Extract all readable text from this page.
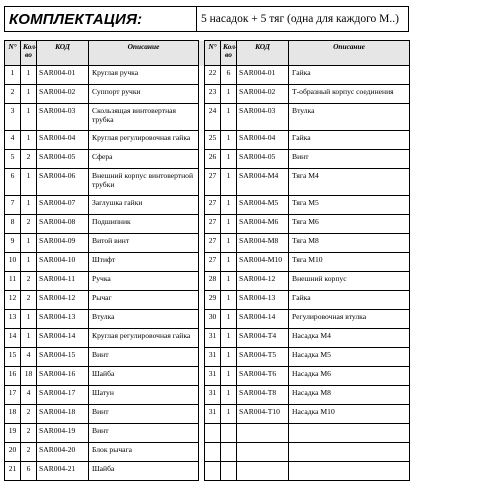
КОМПЛЕКТАЦИЯ:	5 насадок + 5 тяг (одна для каждого М..)
N°	Кол-во	КОД	Описание		N°	Кол-во	КОД	Описание
1	1	SAR004-01	Круглая ручка		22	6	SAR004-01	Гайка
2	1	SAR004-02	Суппорт ручки		23	1	SAR004-02	Т-образный корпус соединения
3	1	SAR004-03	Скользящая винтовертная трубка		24	1	SAR004-03	Втулка
4	1	SAR004-04	Круглая регулировочная гайка		25	1	SAR004-04	Гайка
5	2	SAR004-05	Сфера		26	1	SAR004-05	Винт
6	1	SAR004-06	Внешний корпус винтовертной трубки		27	1	SAR004-M4	Тяга M4
7	1	SAR004-07	Заглушка гайки		27	1	SAR004-M5	Тяга M5
8	2	SAR004-08	Подшипник		27	1	SAR004-M6	Тяга M6
9	1	SAR004-09	Витой винт		27	1	SAR004-M8	Тяга M8
10	1	SAR004-10	Штифт		27	1	SAR004-M10	Тяга M10
11	2	SAR004-11	Ручка		28	1	SAR004-12	Внешний корпус
12	2	SAR004-12	Рычаг		29	1	SAR004-13	Гайка
13	1	SAR004-13	Втулка		30	1	SAR004-14	Регулировочная втулка
14	1	SAR004-14	Круглая регулировочная гайка		31	1	SAR004-T4	Насадка M4
15	4	SAR004-15	Винт		31	1	SAR004-T5	Насадка M5
16	18	SAR004-16	Шайба		31	1	SAR004-T6	Насадка M6
17	4	SAR004-17	Шатун		31	1	SAR004-T8	Насадка M8
18	2	SAR004-18	Винт		31	1	SAR004-T10	Насадка M10
19	2	SAR004-19	Винт					
20	2	SAR004-20	Блок рычага					
21	6	SAR004-21	Шайба					
